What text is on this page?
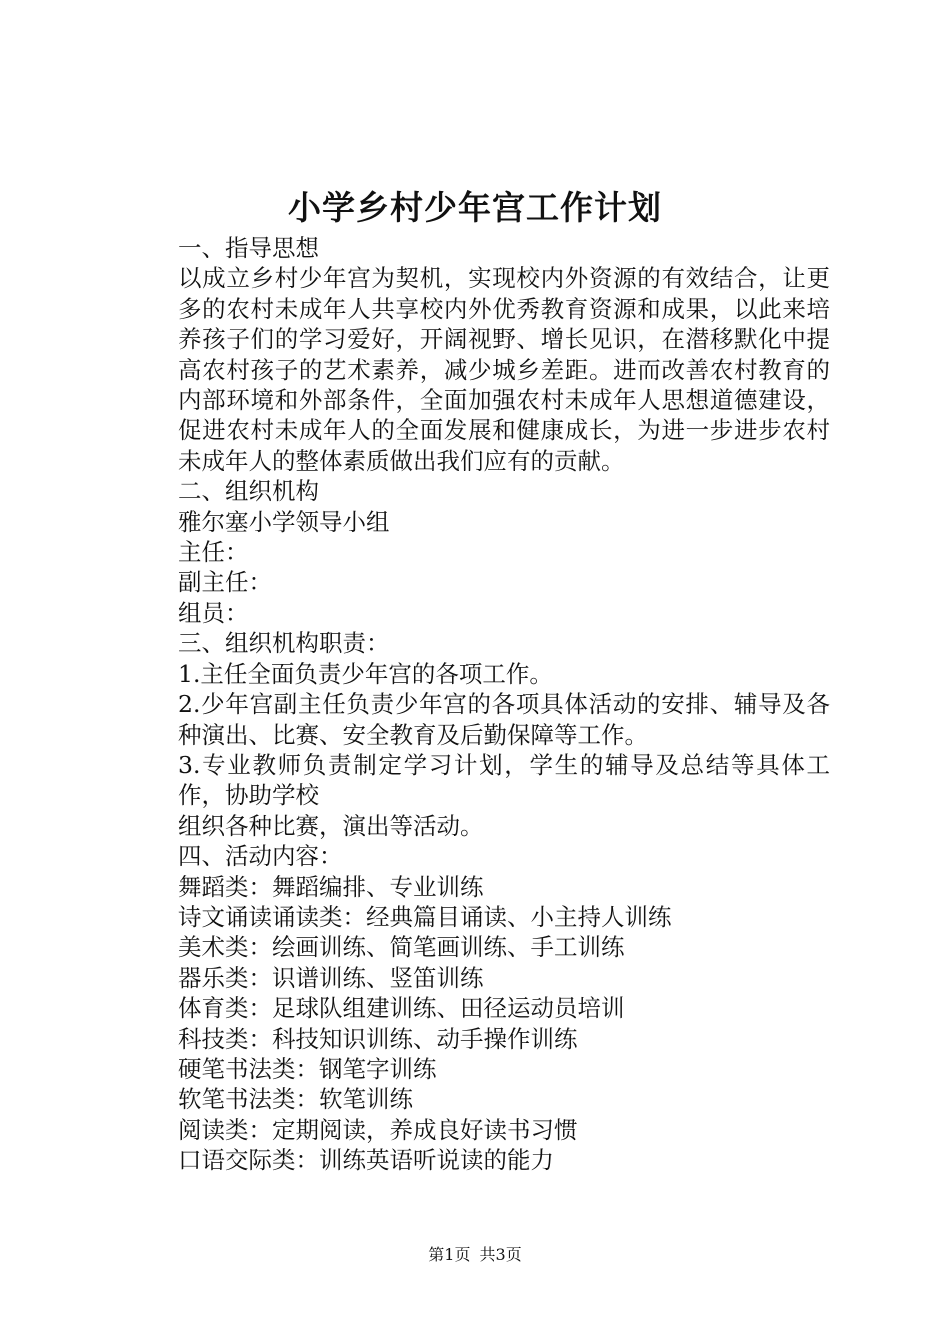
小学乡村少年宫工作计划

一、指导思想

以成立乡村少年宫为契机，实现校内外资源的有效结合，让更多的农村未成年人共享校内外优秀教育资源和成果，以此来培养孩子们的学习爱好，开阔视野、增长见识，在潜移默化中提高农村孩子的艺术素养，减少城乡差距。进而改善农村教育的内部环境和外部条件，全面加强农村未成年人思想道德建设，促进农村未成年人的全面发展和健康成长，为进一步进步农村未成年人的整体素质做出我们应有的贡献。

二、组织机构

雅尔塞小学领导小组

主任：

副主任：

组员：

三、组织机构职责：

1.主任全面负责少年宫的各项工作。

2.少年宫副主任负责少年宫的各项具体活动的安排、辅导及各种演出、比赛、安全教育及后勤保障等工作。

3.专业教师负责制定学习计划，学生的辅导及总结等具体工作，协助学校

组织各种比赛，演出等活动。

四、活动内容：

舞蹈类：舞蹈编排、专业训练

诗文诵读诵读类：经典篇目诵读、小主持人训练

美术类：绘画训练、简笔画训练、手工训练

器乐类：识谱训练、竖笛训练

体育类：足球队组建训练、田径运动员培训

科技类：科技知识训练、动手操作训练

硬笔书法类：钢笔字训练

软笔书法类：软笔训练

阅读类：定期阅读，养成良好读书习惯

口语交际类：训练英语听说读的能力

第1页 共3页
